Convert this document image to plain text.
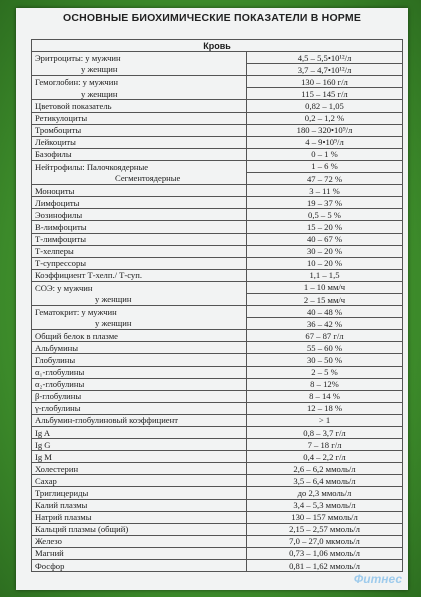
ОСНОВНЫЕ БИОХИМИЧЕСКИЕ ПОКАЗАТЕЛИ В НОРМЕ
Кровь	
Эритроциты: у мужчин	4,5 – 5,5•10¹²/л
у женщин	3,7 – 4,7•10¹²/л
Гемоглобин: у мужчин	130 – 160 г/л
у женщин	115 – 145 г/л
Цветовой показатель	0,82 – 1,05
Ретикулоциты	0,2 – 1,2 %
Тромбоциты	180 – 320•10⁹/л
Лейкоциты	4 – 9•10⁹/л
Базофилы	0 – 1 %
Нейтрофилы: Палочкоядерные	1 – 6 %
Сегментоядерные	47 – 72 %
Моноциты	3 – 11 %
Лимфоциты	19 – 37 %
Эозинофилы	0,5 – 5 %
В-лимфоциты	15 – 20 %
Т-лимфоциты	40 – 67 %
Т-хелперы	30 – 20 %
Т-супрессоры	10 – 20 %
Коэффициент Т-хелп./ Т-суп.	1,1 – 1,5
СОЭ: у мужчин	1 – 10 мм/ч
у женщин	2 – 15 мм/ч
Гематокрит: у мужчин	40 – 48 %
у женщин	36 – 42 %
Общий белок в плазме	67 – 87 г/л
Альбумины	55 – 60 %
Глобулины	30 – 50 %
α₁-глобулины	2 – 5 %
α₂-глобулины	8 – 12%
β-глобулины	8 – 14 %
γ-глобулины	12 – 18 %
Альбумин-глобулиновый коэффициент	> 1
Ig A	0,8 – 3,7 г/л
Ig G	7 – 18 г/л
Ig M	0,4 – 2,2 г/л
Холестерин	2,6 – 6,2 ммоль/л
Сахар	3,5 – 6,4 ммоль/л
Триглицериды	до 2,3 ммоль/л
Калий плазмы	3,4 – 5,3 ммоль/л
Натрий плазмы	130 – 157 ммоль/л
Кальций плазмы (общий)	2,15 – 2,57 ммоль/л
Железо	7,0 – 27,0 мкмоль/л
Магний	0,73 – 1,06 ммоль/л
Фосфор	0,81 – 1,62 ммоль/л
Фитнес
